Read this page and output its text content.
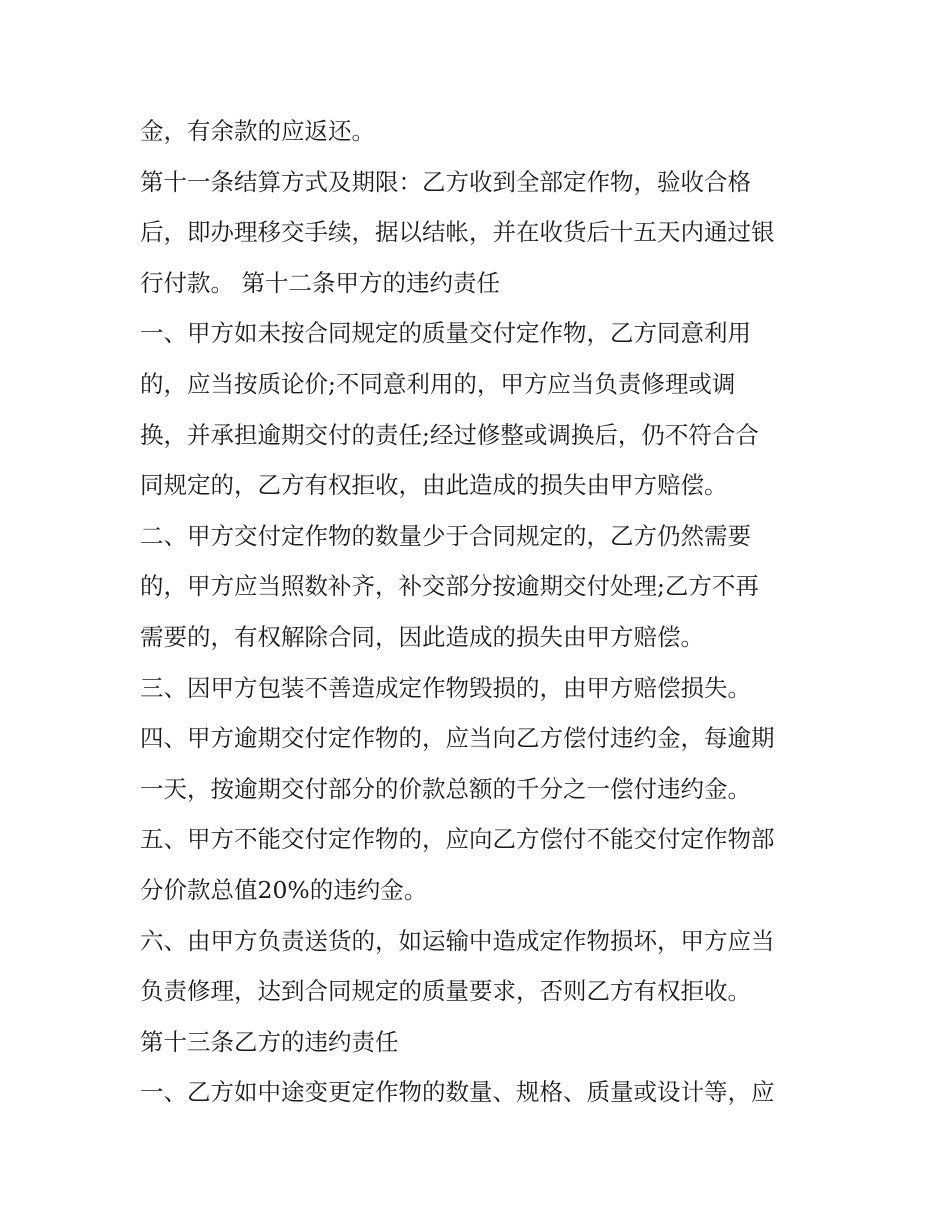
金，有余款的应返还。
第十一条结算方式及期限：乙方收到全部定作物，验收合格
后，即办理移交手续，据以结帐，并在收货后十五天内通过银
行付款。 第十二条甲方的违约责任
一、甲方如未按合同规定的质量交付定作物，乙方同意利用
的，应当按质论价;不同意利用的，甲方应当负责修理或调
换，并承担逾期交付的责任;经过修整或调换后，仍不符合合
同规定的，乙方有权拒收，由此造成的损失由甲方赔偿。
二、甲方交付定作物的数量少于合同规定的，乙方仍然需要
的，甲方应当照数补齐，补交部分按逾期交付处理;乙方不再
需要的，有权解除合同，因此造成的损失由甲方赔偿。
三、因甲方包装不善造成定作物毁损的，由甲方赔偿损失。
四、甲方逾期交付定作物的，应当向乙方偿付违约金，每逾期
一天，按逾期交付部分的价款总额的千分之一偿付违约金。
五、甲方不能交付定作物的，应向乙方偿付不能交付定作物部
分价款总值20%的违约金。
六、由甲方负责送货的，如运输中造成定作物损坏，甲方应当
负责修理，达到合同规定的质量要求，否则乙方有权拒收。
第十三条乙方的违约责任
一、乙方如中途变更定作物的数量、规格、质量或设计等，应
